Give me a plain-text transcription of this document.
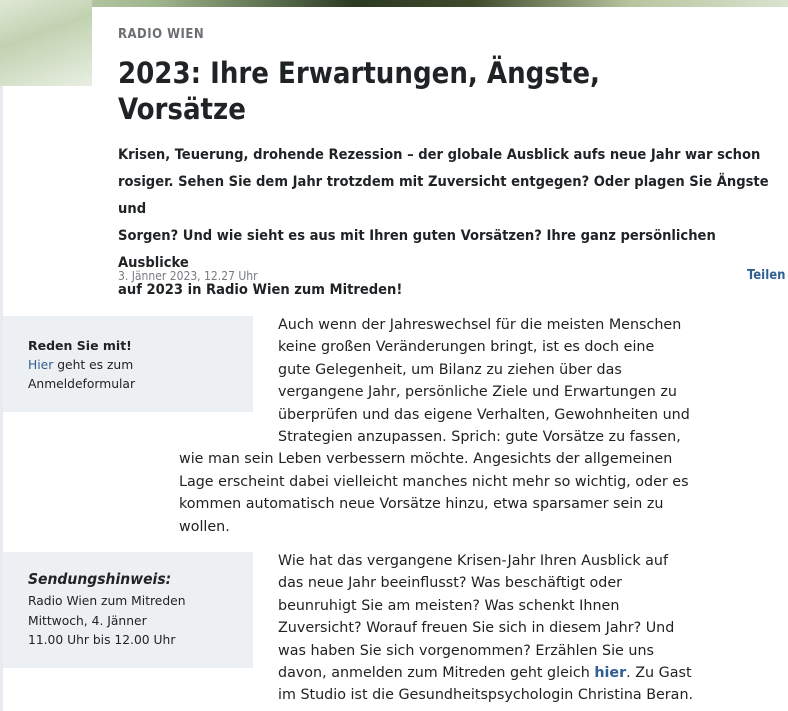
RADIO WIEN
2023: Ihre Erwartungen, Ängste,
Vorsätze
Krisen, Teuerung, drohende Rezession – der globale Ausblick aufs neue Jahr war schon
rosiger. Sehen Sie dem Jahr trotzdem mit Zuversicht entgegen? Oder plagen Sie Ängste und
Sorgen? Und wie sieht es aus mit Ihren guten Vorsätzen? Ihre ganz persönlichen Ausblicke
auf 2023 in Radio Wien zum Mitreden!
3. Jänner 2023, 12.27 Uhr	Teilen
Reden Sie mit!
Hier geht es zum
Anmeldeformular
Sendungshinweis:
Radio Wien zum Mitreden
Mittwoch, 4. Jänner
11.00 Uhr bis 12.00 Uhr
Auch wenn der Jahreswechsel für die meisten Menschen
keine großen Veränderungen bringt, ist es doch eine
gute Gelegenheit, um Bilanz zu ziehen über das
vergangene Jahr, persönliche Ziele und Erwartungen zu
überprüfen und das eigene Verhalten, Gewohnheiten und
Strategien anzupassen. Sprich: gute Vorsätze zu fassen,
wie man sein Leben verbessern möchte. Angesichts der allgemeinen
Lage erscheint dabei vielleicht manches nicht mehr so wichtig, oder es
kommen automatisch neue Vorsätze hinzu, etwa sparsamer sein zu
wollen.
Wie hat das vergangene Krisen-Jahr Ihren Ausblick auf
das neue Jahr beeinflusst? Was beschäftigt oder
beunruhigt Sie am meisten? Was schenkt Ihnen
Zuversicht? Worauf freuen Sie sich in diesem Jahr? Und
was haben Sie sich vorgenommen? Erzählen Sie uns
davon, anmelden zum Mitreden geht gleich hier. Zu Gast
im Studio ist die Gesundheitspsychologin Christina Beran.
